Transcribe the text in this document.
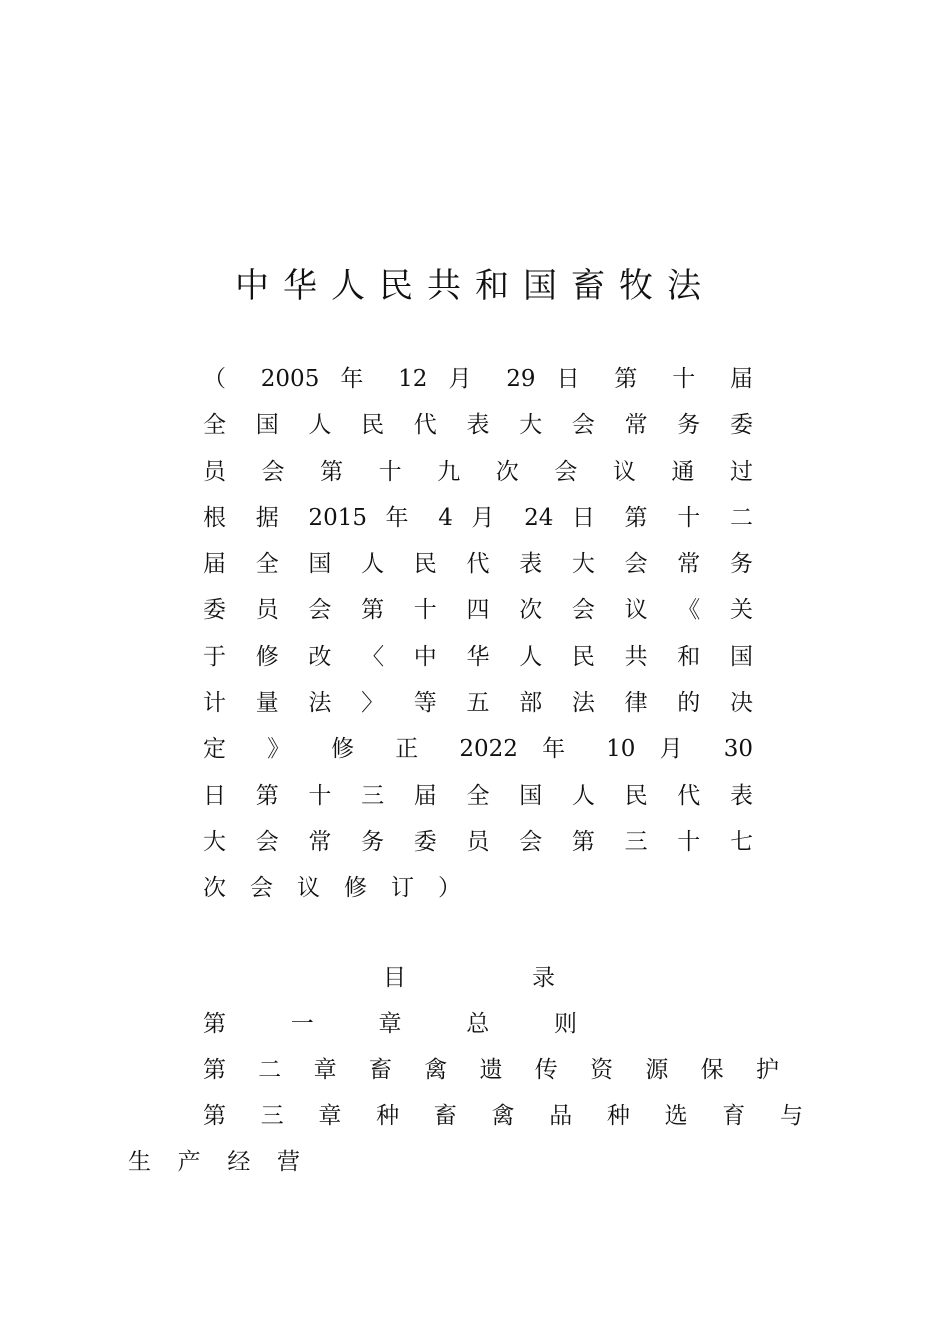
中华人民共和国畜牧法
（ 2005 年 12 月 29 日 第 十 届
全 国 人 民 代 表 大 会 常 务 委
员 会 第 十 九 次 会 议 通 过
根 据 2015 年 4 月 24 日 第 十 二
届 全 国 人 民 代 表 大 会 常 务
委 员 会 第 十 四 次 会 议 《 关
于 修 改 〈 中 华 人 民 共 和 国
计 量 法 〉 等 五 部 法 律 的 决
定 》 修 正 2022 年 10 月 30
日 第 十 三 届 全 国 人 民 代 表
大 会 常 务 委 员 会 第 三 十 七
次会议修订）
目 录
第 一 章 总 则
第 二 章 畜 禽 遗 传 资 源 保 护
第 三 章 种 畜 禽 品 种 选 育 与
生 产 经 营
